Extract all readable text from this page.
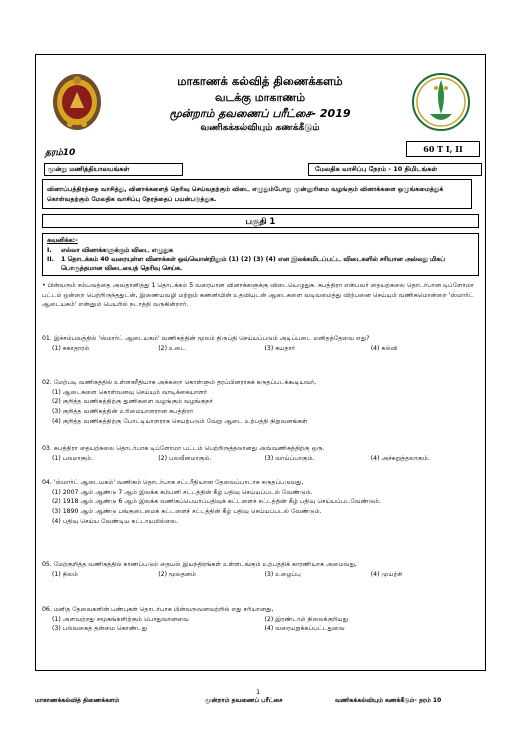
மாகாணக் கல்வித் திணைக்களம்
வடக்கு மாகாணம்
மூன்றாம் தவணைப் பரீட்சை- 2019
வணிகக்கல்வியும் கணக்கீடும்
தரம்10	60 T I, II
மூன்று மணித்தியாலயங்கள்	மேலதிக வாசிப்பு நேரம் - 10 நிமிடங்கள்
வினாப்பத்திரத்தை வாசித்து, வினாக்களைத் தெரிவு செய்வதற்கும் விடை எழுதும்போது முன்னுரிமை வழங்கும் வினாக்களை ஒழுங்கமைத்துக் கொள்வதற்கும் மேலதிக வாசிப்பு நேரத்தைப் பயன்படுத்துக.
பகுதி 1
கவனிக்க:-
I.	எல்லா வினாக்களுக்கும் விடை எழுதுக
II.	1 தொடக்கம் 40 வரையுள்ள வினாக்கள் ஒவ்வொன்றிலும் (1) (2) (3) (4) என இலக்கமிடப்பட்ட விடைகளில் சரியான அல்லது மிகப் பொருத்தமான விடையைத் தெரிவு செய்க.
• பின்வரும் சம்பவத்தை அவதானித்து 1 தொடக்கம் 5 வரையான வினாக்களுக்கு விடையெழுதுக. சுபத்திரா என்பவர் தையற்கலை தொடர்பான டிப்ளோமா பட்டம் ஒன்றை பெற்றிருந்ததுடன், இணையவழி மற்றும் கணனியின் உதவியுடன் ஆடைகளை வடிவமைத்து விற்பனை செய்யும் வணிகமொன்றை 'ஸ்மார்ட் ஆடையகம்' என்னும் பெயரில் நடாத்தி வருகின்றார்.
01. இச்சம்பவத்தில் 'ஸ்மார்ட் ஆடையகம்' வணிகத்தின் மூலம் திருப்தி செய்யப்படும் அடிப்படை மனிதத்தேவை எது?
(1) சுகாதாரம்	(2) உடை	(3) சுயதார்	(4) கல்வி
02. மேற்படி வணிகத்தில் உள்ளகரீதியாக அக்கறை கொள்ளும் தரப்பினராகக் கருதப்படக்கூடியவர்,
(1) ஆடைகளை கொள்வனவு செய்யும் வாடிக்கையாளர்
(2) குறித்த வணிகத்திற்கு துணிகளை வழங்கும் வழங்குநர்
(3) குறித்த வணிகத்தின் உரிமையாளரான சுபத்திரா
(4) குறித்த வணிகத்திற்கு போட்டியாளராக செயற்படும் வேறு ஆடை உற்பத்தி நிறுவனங்கள்
03. சுபத்திரா தையற்கலை தொடர்பாக டிப்ளோமா பட்டம் பெற்றிருத்தலானது அவ்வணிகத்திற்கு ஒரு.
(1) பலமாகும்.	(2) பலவீனமாகும்.	(3) வாய்ப்பாகும்.	(4) அச்சுறுத்தலாகும்.
04. 'ஸ்மார்ட் ஆடையகம்' வணிகம் தொடர்பாக சட்டரீதியான தேவைப்பாடாக கருதப்படுவது,
(1) 2007 ஆம் ஆண்டு 7 ஆம் இலக்க கம்பனி சட்டத்தின் கீழ் பதிவு செய்யப்படல் வேண்டும்.
(2) 1918 ஆம் ஆண்டு 6 ஆம் இலக்க வணிகப்பெயர்ப்பதிவுக் கட்டளைச் சட்டத்தின் கீழ் பதிவு செய்யப்படவேண்டும்.
(3) 1890 ஆம் ஆண்டு பங்குடைமைக் கட்டளைச் சட்டத்தின் கீழ் பதிவு செய்யப்படல் வேண்டும்.
(4) பதிவு செய்ய வேண்டிய கட்டாயமில்லை.
05. மேற்குறித்த வணிகத்தில் காணப்படும் தையல் இயந்திரங்கள் உள்ளடங்கும் உற்பத்திக் காரணியாக அமைவது,
(1) நிலம்	(2) மூலதனம்	(3) உழைப்பு	(4) முயற்சி
06. மனித தேவைகளின் பண்புகள் தொடர்பாக பின்வருவனவற்றில் எது சரியானது,
(1) அளவற்றது சமூகங்களிற்கும் பொதுவானவை	(2) இரண்டாம் நிலைக்குரியது
(3) பல்வகைத் தன்மை கொண்டது	(4) வரையறுக்கப்பட்டதுவை
1
மாகாணக்கல்வித் திணைக்களம்	மூன்றாம் தவணைப் பரீட்சை	வணிகக்கல்வியும் கணக்கீடும்- தரம் 10
